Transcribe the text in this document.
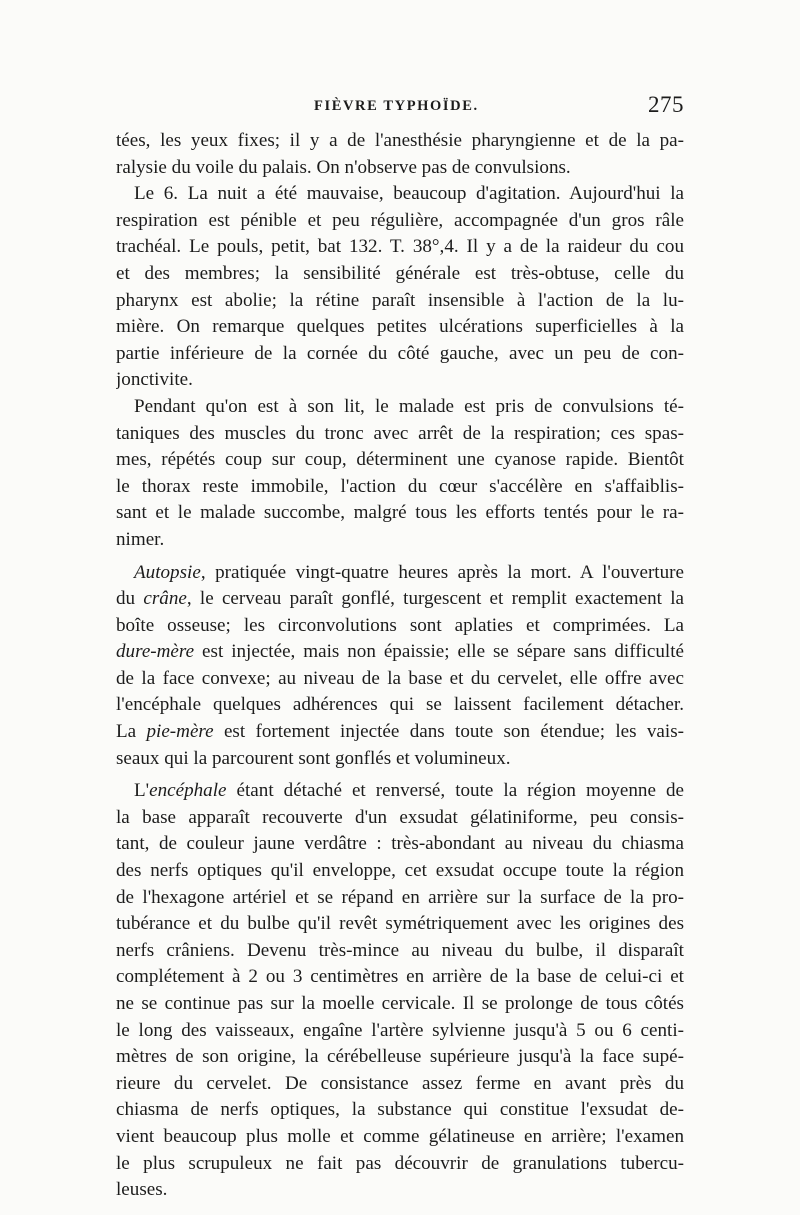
FIÈVRE TYPHOÏDE.	275
tées, les yeux fixes; il y a de l'anesthésie pharyngienne et de la pa-
ralysie du voile du palais. On n'observe pas de convulsions.
Le 6. La nuit a été mauvaise, beaucoup d'agitation. Aujourd'hui la
respiration est pénible et peu régulière, accompagnée d'un gros râle
trachéal. Le pouls, petit, bat 132. T. 38°,4. Il y a de la raideur du cou
et des membres; la sensibilité générale est très-obtuse, celle du
pharynx est abolie; la rétine paraît insensible à l'action de la lu-
mière. On remarque quelques petites ulcérations superficielles à la
partie inférieure de la cornée du côté gauche, avec un peu de con-
jonctivite.
Pendant qu'on est à son lit, le malade est pris de convulsions té-
taniques des muscles du tronc avec arrêt de la respiration; ces spas-
mes, répétés coup sur coup, déterminent une cyanose rapide. Bientôt
le thorax reste immobile, l'action du cœur s'accélère en s'affaiblis-
sant et le malade succombe, malgré tous les efforts tentés pour le ra-
nimer.
Autopsie, pratiquée vingt-quatre heures après la mort. A l'ouverture
du crâne, le cerveau paraît gonflé, turgescent et remplit exactement la
boîte osseuse; les circonvolutions sont aplaties et comprimées. La
dure-mère est injectée, mais non épaissie; elle se sépare sans difficulté
de la face convexe; au niveau de la base et du cervelet, elle offre avec
l'encéphale quelques adhérences qui se laissent facilement détacher.
La pie-mère est fortement injectée dans toute son étendue; les vais-
seaux qui la parcourent sont gonflés et volumineux.
L'encéphale étant détaché et renversé, toute la région moyenne de
la base apparaît recouverte d'un exsudat gélatiniforme, peu consis-
tant, de couleur jaune verdâtre : très-abondant au niveau du chiasma
des nerfs optiques qu'il enveloppe, cet exsudat occupe toute la région
de l'hexagone artériel et se répand en arrière sur la surface de la pro-
tubérance et du bulbe qu'il revêt symétriquement avec les origines des
nerfs crâniens. Devenu très-mince au niveau du bulbe, il disparaît
complétement à 2 ou 3 centimètres en arrière de la base de celui-ci et
ne se continue pas sur la moelle cervicale. Il se prolonge de tous côtés
le long des vaisseaux, engaîne l'artère sylvienne jusqu'à 5 ou 6 centi-
mètres de son origine, la cérébelleuse supérieure jusqu'à la face supé-
rieure du cervelet. De consistance assez ferme en avant près du
chiasma de nerfs optiques, la substance qui constitue l'exsudat de-
vient beaucoup plus molle et comme gélatineuse en arrière; l'examen
le plus scrupuleux ne fait pas découvrir de granulations tubercu-
leuses.
